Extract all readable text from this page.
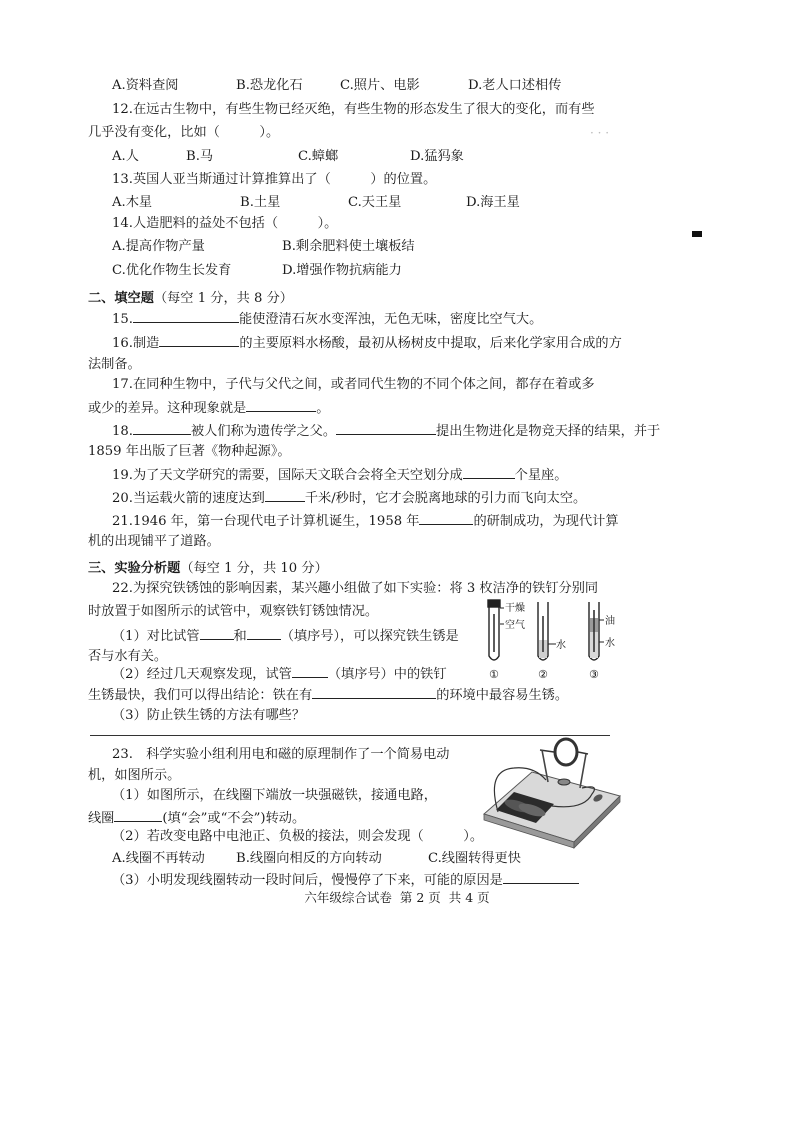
· · ·
A.资料查阅	B.恐龙化石	C.照片、电影	D.老人口述相传
12.在远古生物中，有些生物已经灭绝，有些生物的形态发生了很大的变化，而有些
几乎没有变化，比如（　　　）。
A.人	B.马	C.蟑螂	D.猛犸象
13.英国人亚当斯通过计算推算出了（　　　）的位置。
A.木星	B.土星	C.天王星	D.海王星
14.人造肥料的益处不包括（　　　）。
A.提高作物产量	B.剩余肥料使土壤板结
C.优化作物生长发育	D.增强作物抗病能力
二、填空题（每空 1 分，共 8 分）
15.	能使澄清石灰水变浑浊，无色无味，密度比空气大。
16.制造	的主要原料水杨酸，最初从杨树皮中提取，后来化学家用合成的方
法制备。
17.在同种生物中，子代与父代之间，或者同代生物的不同个体之间，都存在着或多
或少的差异。这种现象就是	。
18.	被人们称为遗传学之父。	提出生物进化是物竞天择的结果，并于
1859 年出版了巨著《物种起源》。
19.为了天文学研究的需要，国际天文联合会将全天空划分成	个星座。
20.当运载火箭的速度达到	千米/秒时，它才会脱离地球的引力而飞向太空。
21.1946 年，第一台现代电子计算机诞生，1958 年	的研制成功，为现代计算
机的出现铺平了道路。
三、实验分析题（每空 1 分，共 10 分）
22.为探究铁锈蚀的影响因素，某兴趣小组做了如下实验：将 3 枚洁净的铁钉分别同
时放置于如图所示的试管中，观察铁钉锈蚀情况。
（1）对比试管	和	（填序号），可以探究铁生锈是
否与水有关。
（2）经过几天观察发现，试管	（填序号）中的铁钉
生锈最快，我们可以得出结论：铁在有	的环境中最容易生锈。
（3）防止铁生锈的方法有哪些？
干燥
空气
水
油
水
①	②	③
23.　科学实验小组利用电和磁的原理制作了一个简易电动
机，如图所示。
（1）如图所示，在线圈下端放一块强磁铁，接通电路，
线圈	(填“会”或“不会”)转动。
（2）若改变电路中电池正、负极的接法，则会发现（　　　）。
A.线圈不再转动 B.线圈向相反的方向转动	C.线圈转得更快
（3）小明发现线圈转动一段时间后，慢慢停了下来，可能的原因是
六年级综合试卷 第 2 页 共 4 页
